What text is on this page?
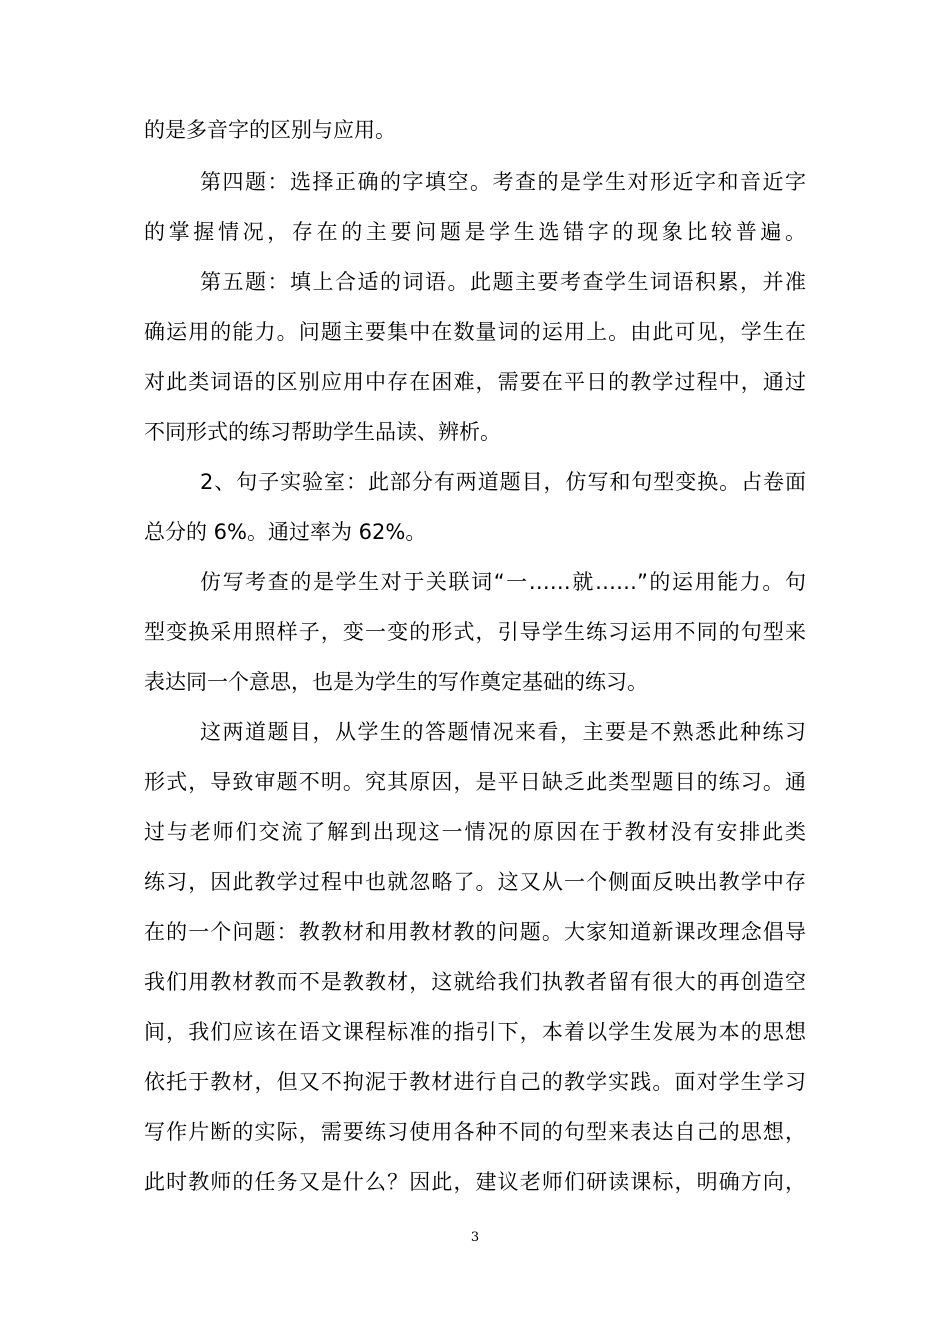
的是多音字的区别与应用。
第四题：选择正确的字填空。考查的是学生对形近字和音近字
的掌握情况，存在的主要问题是学生选错字的现象比较普遍。
第五题：填上合适的词语。此题主要考查学生词语积累，并准
确运用的能力。问题主要集中在数量词的运用上。由此可见，学生在
对此类词语的区别应用中存在困难，需要在平日的教学过程中，通过
不同形式的练习帮助学生品读、辨析。
2、句子实验室：此部分有两道题目，仿写和句型变换。占卷面
总分的 6%。通过率为 62%。
仿写考查的是学生对于关联词“一……就……”的运用能力。句
型变换采用照样子，变一变的形式，引导学生练习运用不同的句型来
表达同一个意思，也是为学生的写作奠定基础的练习。
这两道题目，从学生的答题情况来看，主要是不熟悉此种练习
形式，导致审题不明。究其原因，是平日缺乏此类型题目的练习。通
过与老师们交流了解到出现这一情况的原因在于教材没有安排此类
练习，因此教学过程中也就忽略了。这又从一个侧面反映出教学中存
在的一个问题：教教材和用教材教的问题。大家知道新课改理念倡导
我们用教材教而不是教教材，这就给我们执教者留有很大的再创造空
间，我们应该在语文课程标准的指引下，本着以学生发展为本的思想
依托于教材，但又不拘泥于教材进行自己的教学实践。面对学生学习
写作片断的实际，需要练习使用各种不同的句型来表达自己的思想，
此时教师的任务又是什么？因此，建议老师们研读课标，明确方向，
3
